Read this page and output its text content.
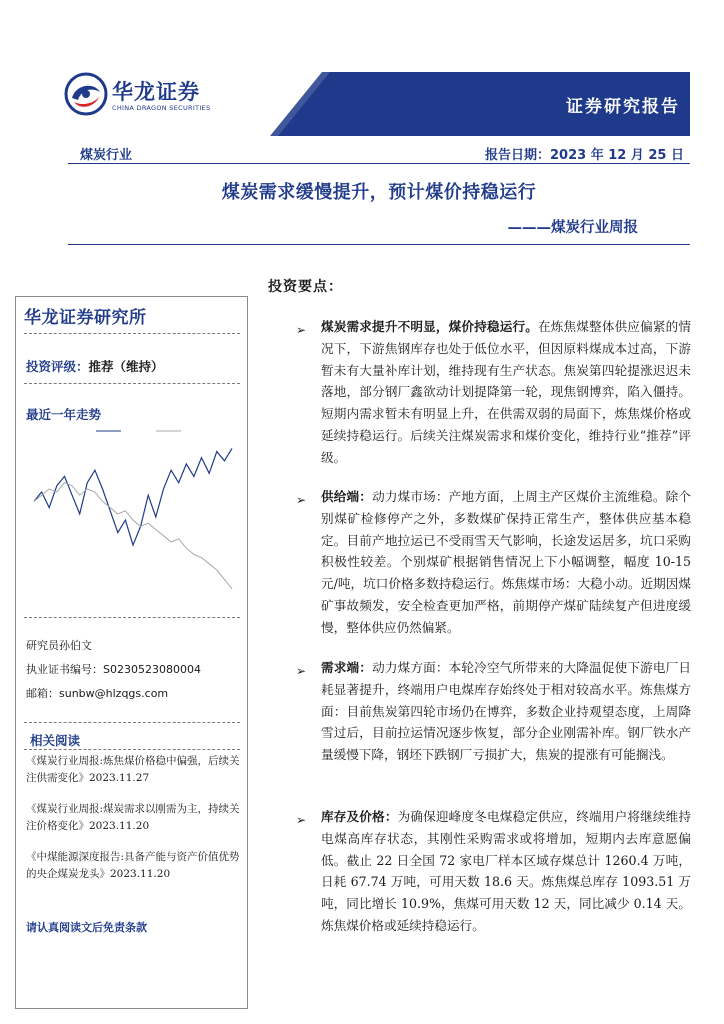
华龙证券
CHINA DRAGON SECURITIES	证券研究报告
煤炭行业	报告日期：2023 年 12 月 25 日
煤炭需求缓慢提升，预计煤价持稳运行
———煤炭行业周报
华龙证券研究所
投资评级：推荐（维持）
最近一年走势
研究员孙伯文
执业证书编号：S0230523080004
邮箱：sunbw@hlzqgs.com
相关阅读
《煤炭行业周报:炼焦煤价格稳中偏强，后续关注供需变化》2023.11.27
《煤炭行业周报:煤炭需求以刚需为主，持续关注价格变化》2023.11.20
《中煤能源深度报告:具备产能与资产价值优势的央企煤炭龙头》2023.11.20
请认真阅读文后免责条款
投资要点：
➢ 煤炭需求提升不明显，煤价持稳运行。在炼焦煤整体供应偏紧的情况下，下游焦钢库存也处于低位水平，但因原料煤成本过高，下游暂未有大量补库计划，维持现有生产状态。焦炭第四轮提涨迟迟未落地，部分钢厂鑫欲动计划提降第一轮，现焦钢博弈，陷入僵持。短期内需求暂未有明显上升，在供需双弱的局面下，炼焦煤价格或延续持稳运行。后续关注煤炭需求和煤价变化，维持行业“推荐”评级。
➢ 供给端：动力煤市场：产地方面，上周主产区煤价主流维稳。除个别煤矿检修停产之外，多数煤矿保持正常生产，整体供应基本稳定。目前产地拉运已不受雨雪天气影响，长途发运居多，坑口采购积极性较差。个别煤矿根据销售情况上下小幅调整，幅度 10-15 元/吨，坑口价格多数持稳运行。炼焦煤市场：大稳小动。近期因煤矿事故频发，安全检查更加严格，前期停产煤矿陆续复产但进度缓慢，整体供应仍然偏紧。
➢ 需求端：动力煤方面：本轮冷空气所带来的大降温促使下游电厂日耗显著提升，终端用户电煤库存始终处于相对较高水平。炼焦煤方面：目前焦炭第四轮市场仍在博弈，多数企业持观望态度，上周降雪过后，目前拉运情况逐步恢复，部分企业刚需补库。钢厂铁水产量缓慢下降，钢坯下跌钢厂亏损扩大，焦炭的提涨有可能搁浅。
➢ 库存及价格：为确保迎峰度冬电煤稳定供应，终端用户将继续维持电煤高库存状态，其刚性采购需求或将增加，短期内去库意愿偏低。截止 22 日全国 72 家电厂样本区域存煤总计 1260.4 万吨，日耗 67.74 万吨，可用天数 18.6 天。炼焦煤总库存 1093.51 万吨，同比增长 10.9%，焦煤可用天数 12 天，同比减少 0.14 天。炼焦煤价格或延续持稳运行。
